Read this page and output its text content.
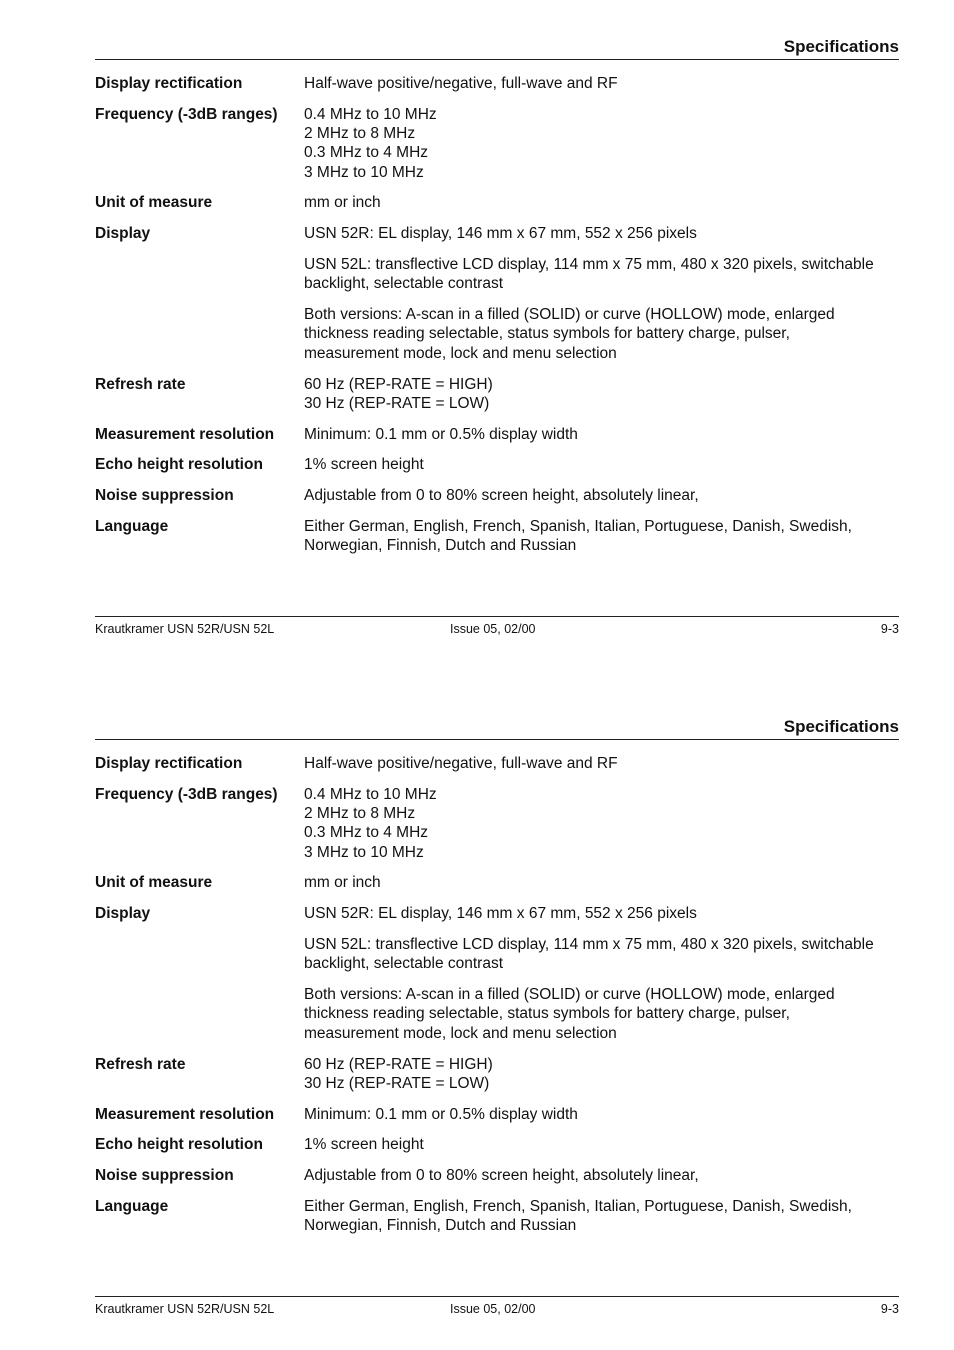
Specifications
Display rectification	Half-wave positive/negative, full-wave and RF
Frequency (-3dB ranges)	0.4 MHz to 10 MHz
2 MHz to 8 MHz
0.3 MHz to 4 MHz
3 MHz to 10 MHz
Unit of measure	mm or inch
Display	USN 52R: EL display, 146 mm x 67 mm, 552 x 256 pixels
USN 52L: transflective LCD display, 114 mm x 75 mm, 480 x 320 pixels, switchable
backlight, selectable contrast
Both versions: A-scan in a filled (SOLID) or curve (HOLLOW) mode, enlarged
thickness reading selectable, status symbols for battery charge, pulser,
measurement mode, lock and menu selection
Refresh rate	60 Hz (REP-RATE = HIGH)
30 Hz (REP-RATE = LOW)
Measurement resolution	Minimum: 0.1 mm or 0.5% display width
Echo height resolution	1% screen height
Noise suppression	Adjustable from 0 to 80% screen height, absolutely linear,
Language	Either German, English, French, Spanish, Italian, Portuguese, Danish, Swedish,
Norwegian, Finnish, Dutch and Russian
Krautkramer USN 52R/USN 52L	Issue 05, 02/00	9-3
Specifications
Display rectification	Half-wave positive/negative, full-wave and RF
Frequency (-3dB ranges)	0.4 MHz to 10 MHz
2 MHz to 8 MHz
0.3 MHz to 4 MHz
3 MHz to 10 MHz
Unit of measure	mm or inch
Display	USN 52R: EL display, 146 mm x 67 mm, 552 x 256 pixels
USN 52L: transflective LCD display, 114 mm x 75 mm, 480 x 320 pixels, switchable
backlight, selectable contrast
Both versions: A-scan in a filled (SOLID) or curve (HOLLOW) mode, enlarged
thickness reading selectable, status symbols for battery charge, pulser,
measurement mode, lock and menu selection
Refresh rate	60 Hz (REP-RATE = HIGH)
30 Hz (REP-RATE = LOW)
Measurement resolution	Minimum: 0.1 mm or 0.5% display width
Echo height resolution	1% screen height
Noise suppression	Adjustable from 0 to 80% screen height, absolutely linear,
Language	Either German, English, French, Spanish, Italian, Portuguese, Danish, Swedish,
Norwegian, Finnish, Dutch and Russian
Krautkramer USN 52R/USN 52L	Issue 05, 02/00	9-3
